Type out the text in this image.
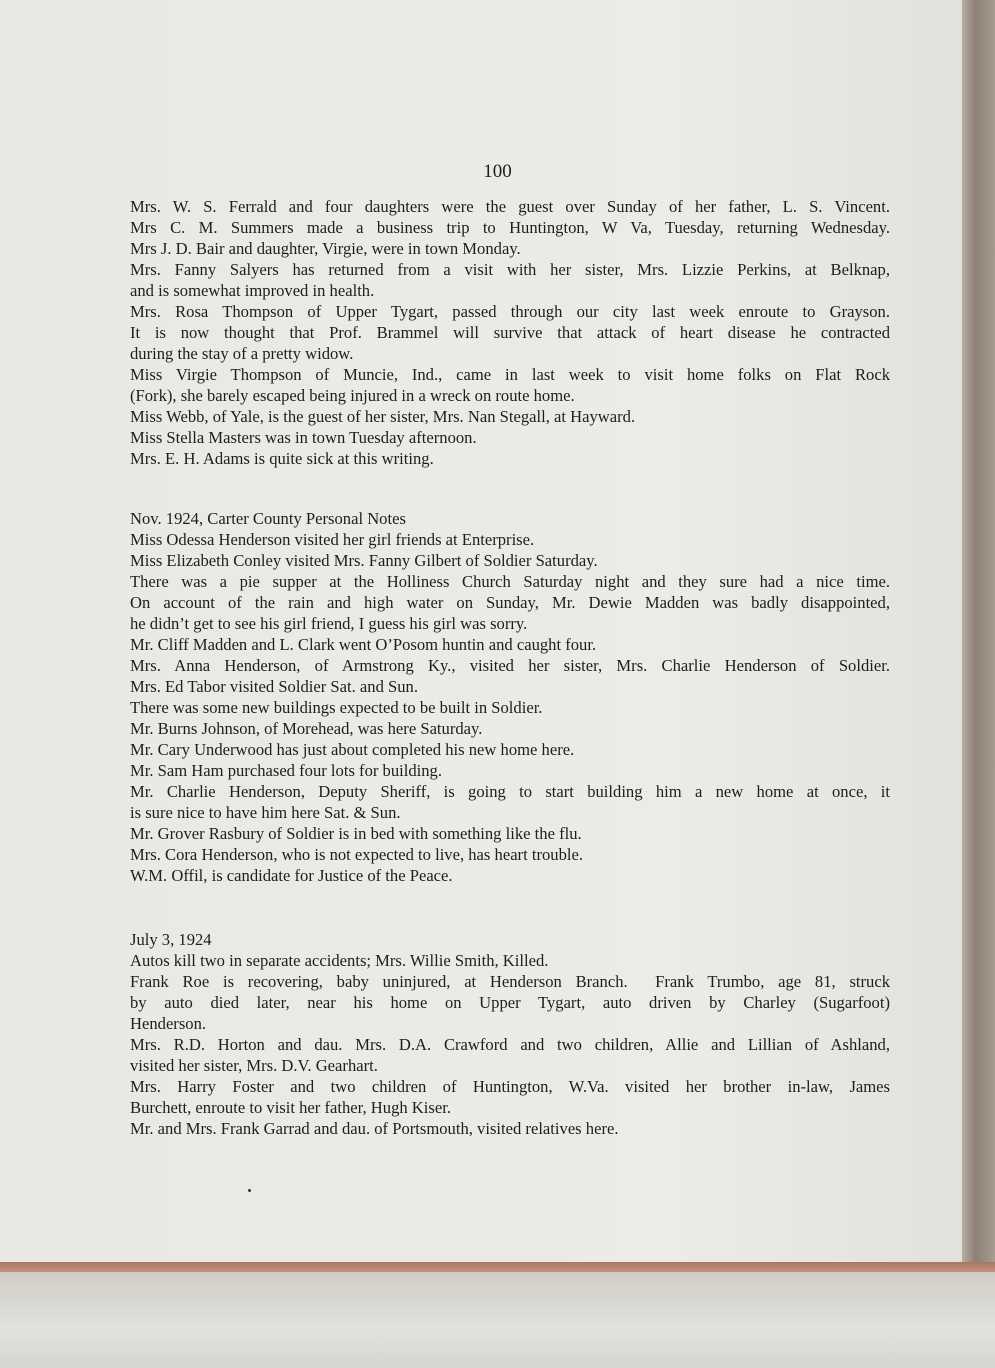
100
Mrs. W. S. Ferrald and four daughters were the guest over Sunday of her father, L. S. Vincent.
Mrs C. M. Summers made a business trip to Huntington, W Va, Tuesday, returning Wednesday.
Mrs J. D. Bair and daughter, Virgie, were in town Monday.
Mrs. Fanny Salyers has returned from a visit with her sister, Mrs. Lizzie Perkins, at Belknap,
and is somewhat improved in health.
Mrs. Rosa Thompson of Upper Tygart, passed through our city last week enroute to Grayson.
It is now thought that Prof. Brammel will survive that attack of heart disease he contracted
during the stay of a pretty widow.
Miss Virgie Thompson of Muncie, Ind., came in last week to visit home folks on Flat Rock
(Fork), she barely escaped being injured in a wreck on route home.
Miss Webb, of Yale, is the guest of her sister, Mrs. Nan Stegall, at Hayward.
Miss Stella Masters was in town Tuesday afternoon.
Mrs. E. H. Adams is quite sick at this writing.
Nov. 1924, Carter County Personal Notes
Miss Odessa Henderson visited her girl friends at Enterprise.
Miss Elizabeth Conley visited Mrs. Fanny Gilbert of Soldier Saturday.
There was a pie supper at the Holliness Church Saturday night and they sure had a nice time.
On account of the rain and high water on Sunday, Mr. Dewie Madden was badly disappointed,
he didn’t get to see his girl friend, I guess his girl was sorry.
Mr. Cliff Madden and L. Clark went O’Posom huntin and caught four.
Mrs. Anna Henderson, of Armstrong Ky., visited her sister, Mrs. Charlie Henderson of Soldier.
Mrs. Ed Tabor visited Soldier Sat. and Sun.
There was some new buildings expected to be built in Soldier.
Mr. Burns Johnson, of Morehead, was here Saturday.
Mr. Cary Underwood has just about completed his new home here.
Mr. Sam Ham purchased four lots for building.
Mr. Charlie Henderson, Deputy Sheriff, is going to start building him a new home at once, it
is sure nice to have him here Sat. & Sun.
Mr. Grover Rasbury of Soldier is in bed with something like the flu.
Mrs. Cora Henderson, who is not expected to live, has heart trouble.
W.M. Offil, is candidate for Justice of the Peace.
July 3, 1924
Autos kill two in separate accidents; Mrs. Willie Smith, Killed.
Frank Roe is recovering, baby uninjured, at Henderson Branch.  Frank Trumbo, age 81, struck
by auto died later, near his home on Upper Tygart, auto driven by Charley (Sugarfoot)
Henderson.
Mrs. R.D. Horton and dau. Mrs. D.A. Crawford and two children, Allie and Lillian of Ashland,
visited her sister, Mrs. D.V. Gearhart.
Mrs. Harry Foster and two children of Huntington, W.Va. visited her brother in-law, James
Burchett, enroute to visit her father, Hugh Kiser.
Mr. and Mrs. Frank Garrad and dau. of Portsmouth, visited relatives here.
